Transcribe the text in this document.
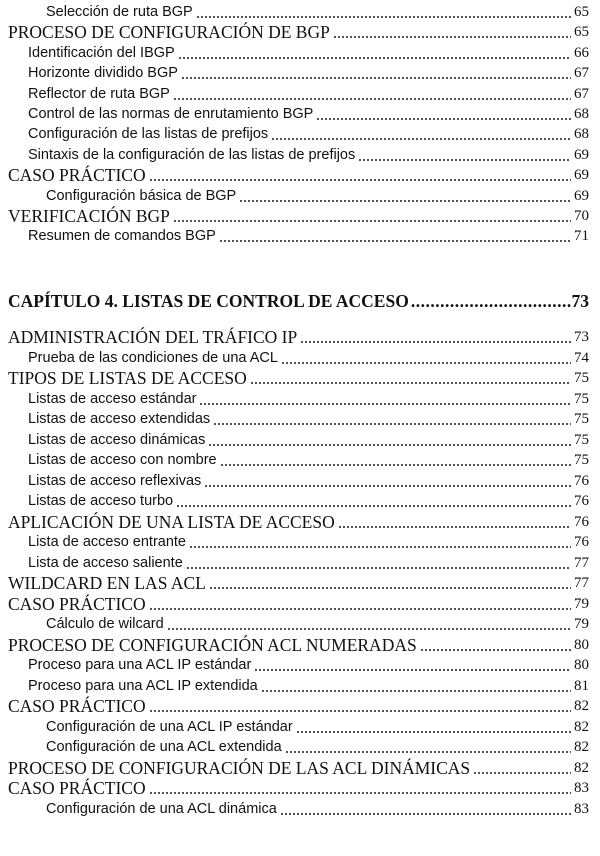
Selección de ruta BGP	65
PROCESO DE CONFIGURACIÓN DE BGP	65
Identificación del IBGP	66
Horizonte dividido BGP	67
Reflector de ruta BGP	67
Control de las normas de enrutamiento BGP	68
Configuración de las listas de prefijos	68
Sintaxis de la configuración de las listas de prefijos	69
CASO PRÁCTICO	69
Configuración básica de BGP	69
VERIFICACIÓN BGP	70
Resumen de comandos BGP	71
CAPÍTULO 4. LISTAS DE CONTROL DE ACCESO .....	73
ADMINISTRACIÓN DEL TRÁFICO IP	73
Prueba de las condiciones de una ACL	74
TIPOS DE LISTAS DE ACCESO	75
Listas de acceso estándar	75
Listas de acceso extendidas	75
Listas de acceso dinámicas	75
Listas de acceso con nombre	75
Listas de acceso reflexivas	76
Listas de acceso turbo	76
APLICACIÓN DE UNA LISTA DE ACCESO	76
Lista de acceso entrante	76
Lista de acceso saliente	77
WILDCARD EN LAS ACL	77
CASO PRÁCTICO	79
Cálculo de wilcard	79
PROCESO DE CONFIGURACIÓN ACL NUMERADAS	80
Proceso para una ACL IP estándar	80
Proceso para una ACL IP extendida	81
CASO PRÁCTICO	82
Configuración de una ACL IP estándar	82
Configuración de una ACL extendida	82
PROCESO DE CONFIGURACIÓN DE LAS ACL DINÁMICAS	82
CASO PRÁCTICO	83
Configuración de una ACL dinámica	83
